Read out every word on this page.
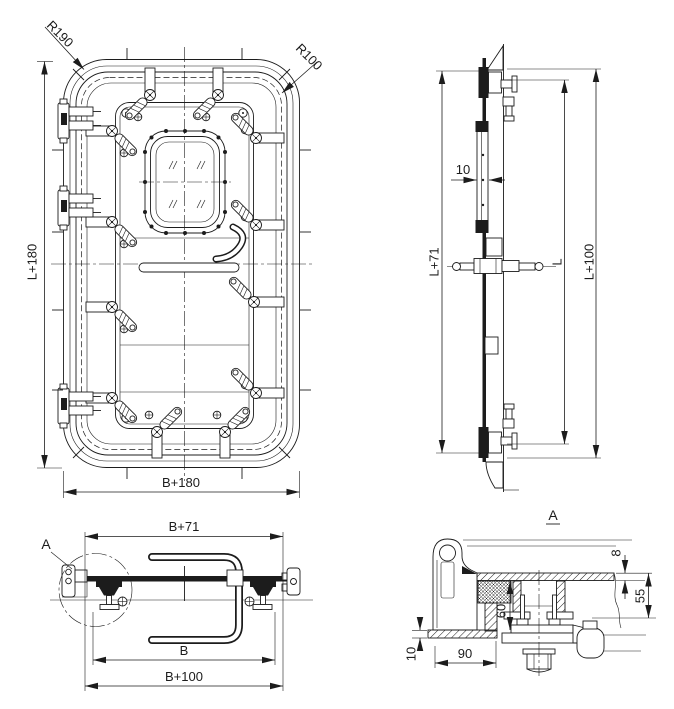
L+180
B+180
R190
R100
L+71	L L+100
10
A
B+71
B
B+100
A
8
55
60
10	90
